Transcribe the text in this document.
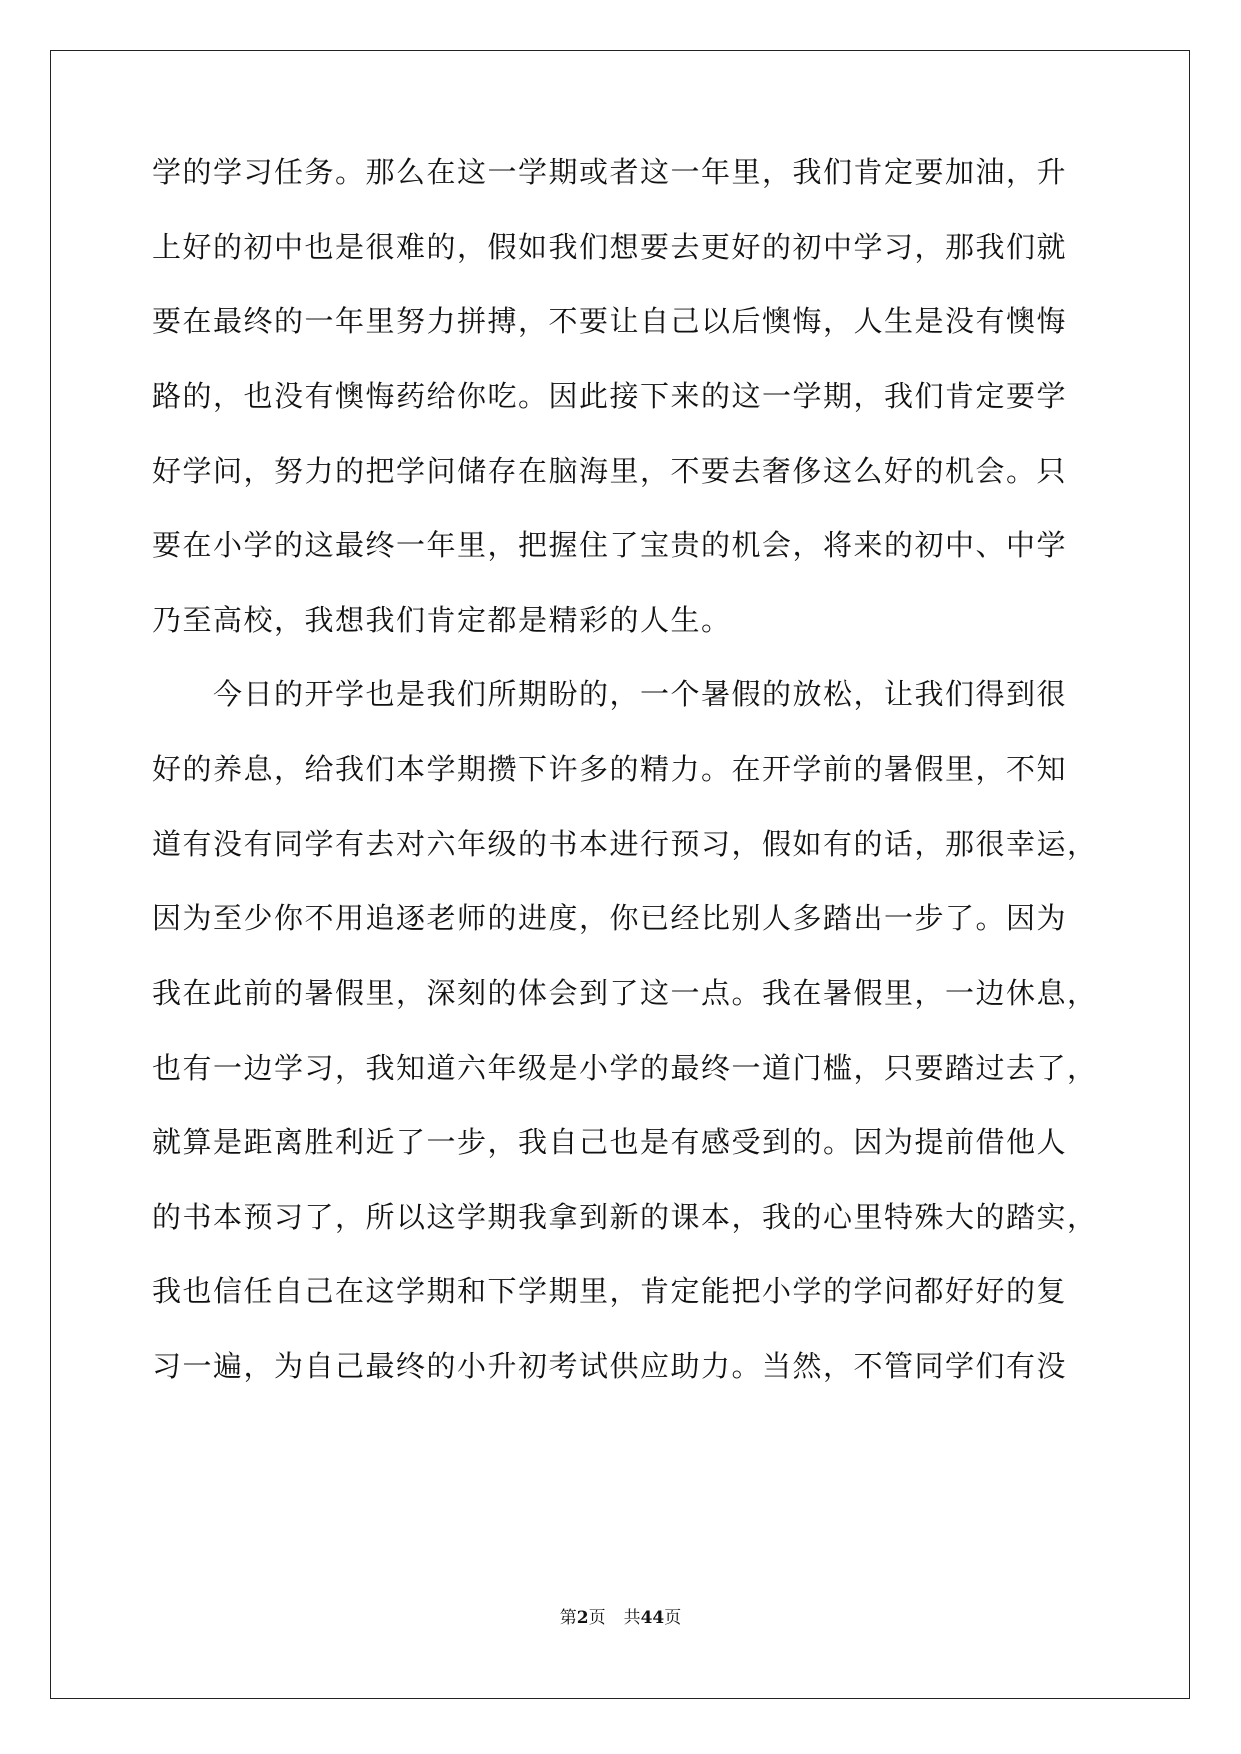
学的学习任务。那么在这一学期或者这一年里，我们肯定要加油，升
上好的初中也是很难的，假如我们想要去更好的初中学习，那我们就
要在最终的一年里努力拼搏，不要让自己以后懊悔，人生是没有懊悔
路的，也没有懊悔药给你吃。因此接下来的这一学期，我们肯定要学
好学问，努力的把学问储存在脑海里，不要去奢侈这么好的机会。只
要在小学的这最终一年里，把握住了宝贵的机会，将来的初中、中学
乃至高校，我想我们肯定都是精彩的人生。
　　今日的开学也是我们所期盼的，一个暑假的放松，让我们得到很
好的养息，给我们本学期攒下许多的精力。在开学前的暑假里，不知
道有没有同学有去对六年级的书本进行预习，假如有的话，那很幸运，
因为至少你不用追逐老师的进度，你已经比别人多踏出一步了。因为
我在此前的暑假里，深刻的体会到了这一点。我在暑假里，一边休息，
也有一边学习，我知道六年级是小学的最终一道门槛，只要踏过去了，
就算是距离胜利近了一步，我自己也是有感受到的。因为提前借他人
的书本预习了，所以这学期我拿到新的课本，我的心里特殊大的踏实，
我也信任自己在这学期和下学期里，肯定能把小学的学问都好好的复
习一遍，为自己最终的小升初考试供应助力。当然，不管同学们有没
第2页 共44页
